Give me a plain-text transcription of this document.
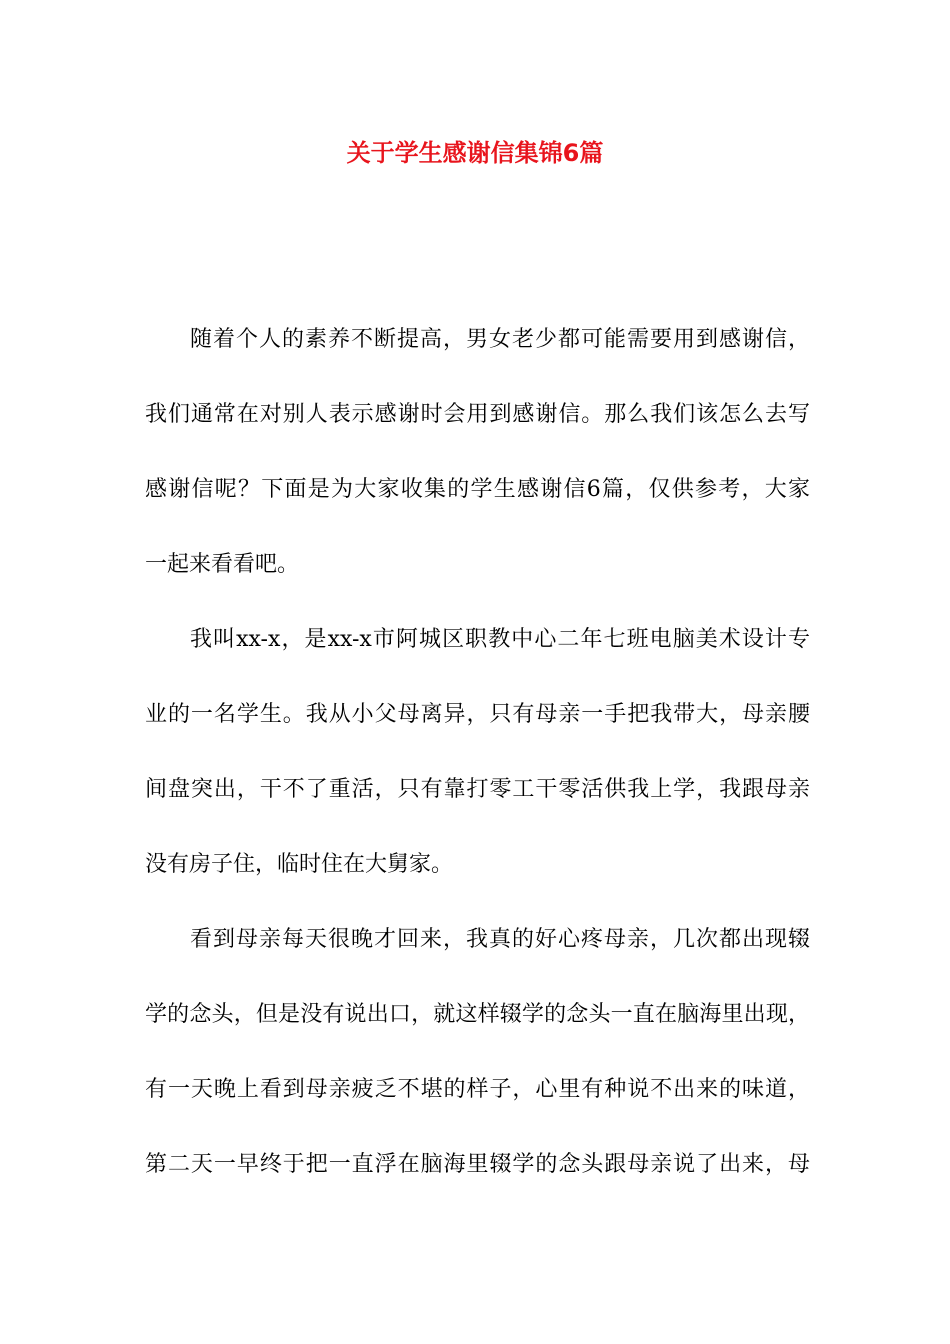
关于学生感谢信集锦6篇

随着个人的素养不断提高，男女老少都可能需要用到感谢信，

我们通常在对别人表示感谢时会用到感谢信。那么我们该怎么去写

感谢信呢？下面是为大家收集的学生感谢信6篇，仅供参考，大家

一起来看看吧。

我叫xx-x，是xx-x市阿城区职教中心二年七班电脑美术设计专

业的一名学生。我从小父母离异，只有母亲一手把我带大，母亲腰

间盘突出，干不了重活，只有靠打零工干零活供我上学，我跟母亲

没有房子住，临时住在大舅家。

看到母亲每天很晚才回来，我真的好心疼母亲，几次都出现辍

学的念头，但是没有说出口，就这样辍学的念头一直在脑海里出现，

有一天晚上看到母亲疲乏不堪的样子，心里有种说不出来的味道，

第二天一早终于把一直浮在脑海里辍学的念头跟母亲说了出来，母
